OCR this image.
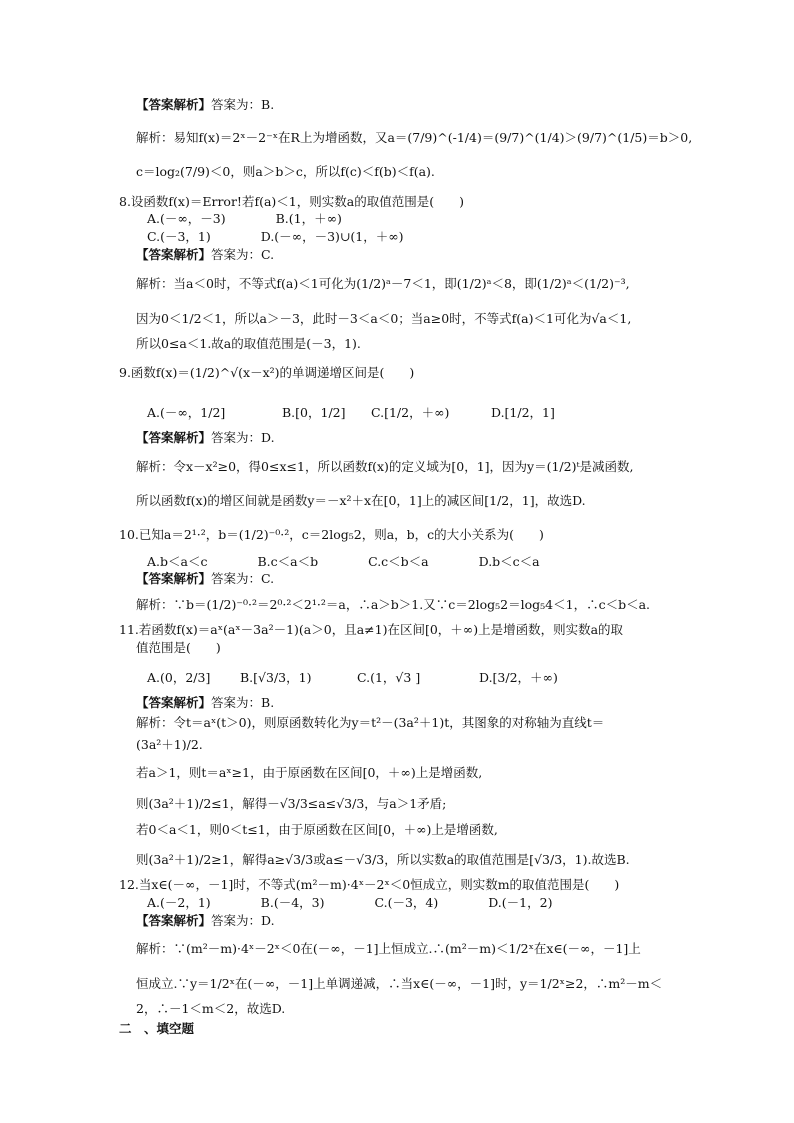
【答案解析】答案为：B.
解析：易知f(x)＝2ˣ－2⁻ˣ在R上为增函数，又a＝(7/9)^(-1/4)＝(9/7)^(1/4)＞(9/7)^(1/5)＝b＞0,
c＝log₂(7/9)＜0，则a＞b＞c，所以f(c)＜f(b)＜f(a).
8.设函数f(x)＝Error!若f(a)＜1，则实数a的取值范围是(　　)
A.(－∞，－3)　　　　B.(1，＋∞)
C.(－3，1)　　　　D.(－∞，－3)∪(1，＋∞)
【答案解析】答案为：C.
解析：当a＜0时，不等式f(a)＜1可化为(1/2)ᵃ－7＜1，即(1/2)ᵃ＜8，即(1/2)ᵃ＜(1/2)⁻³,
因为0＜1/2＜1，所以a＞－3，此时－3＜a＜0；当a≥0时，不等式f(a)＜1可化为√a＜1,
所以0≤a＜1.故a的取值范围是(－3，1).
9.函数f(x)＝(1/2)^√(x－x²)的单调递增区间是(　　)
【答案解析】答案为：D.
解析：令x－x²≥0，得0≤x≤1，所以函数f(x)的定义域为[0，1]，因为y＝(1/2)ᵗ是减函数,
所以函数f(x)的增区间就是函数y＝－x²＋x在[0，1]上的减区间[1/2，1]，故选D.
10.已知a＝2¹·²，b＝(1/2)⁻⁰·²，c＝2log₅2，则a，b，c的大小关系为(　　)
A.b＜a＜c　　　　B.c＜a＜b　　　　C.c＜b＜a　　　　D.b＜c＜a
【答案解析】答案为：C.
解析：∵b＝(1/2)⁻⁰·²＝2⁰·²＜2¹·²＝a，∴a＞b＞1.又∵c＝2log₅2＝log₅4＜1，∴c＜b＜a.
11.若函数f(x)＝aˣ(aˣ－3a²－1)(a＞0，且a≠1)在区间[0，＋∞)上是增函数，则实数a的取
值范围是(　　)
【答案解析】答案为：B.
解析：令t＝aˣ(t＞0)，则原函数转化为y＝t²－(3a²＋1)t，其图象的对称轴为直线t＝
(3a²＋1)/2.
若a＞1，则t＝aˣ≥1，由于原函数在区间[0，＋∞)上是增函数,
则(3a²＋1)/2≤1，解得－√3/3≤a≤√3/3，与a＞1矛盾;
若0＜a＜1，则0＜t≤1，由于原函数在区间[0，＋∞)上是增函数,
则(3a²＋1)/2≥1，解得a≥√3/3或a≤－√3/3，所以实数a的取值范围是[√3/3，1).故选B.
12.当x∈(－∞，－1]时，不等式(m²－m)·4ˣ－2ˣ＜0恒成立，则实数m的取值范围是(　　)
A.(－2，1)　　　　B.(－4，3)　　　　C.(－3，4)　　　　D.(－1，2)
【答案解析】答案为：D.
解析：∵(m²－m)·4ˣ－2ˣ＜0在(－∞，－1]上恒成立.∴(m²－m)＜1/2ˣ在x∈(－∞，－1]上
恒成立.∵y＝1/2ˣ在(－∞，－1]上单调递减，∴当x∈(－∞，－1]时，y＝1/2ˣ≥2，∴m²－m＜
2，∴－1＜m＜2，故选D.
二　、填空题
A.(－∞，1/2]	B.[0，1/2] C.[1/2，＋∞)	D.[1/2，1]
A.(0，2/3] B.[√3/3，1)	C.(1，√3 ]	D.[3/2，＋∞)
